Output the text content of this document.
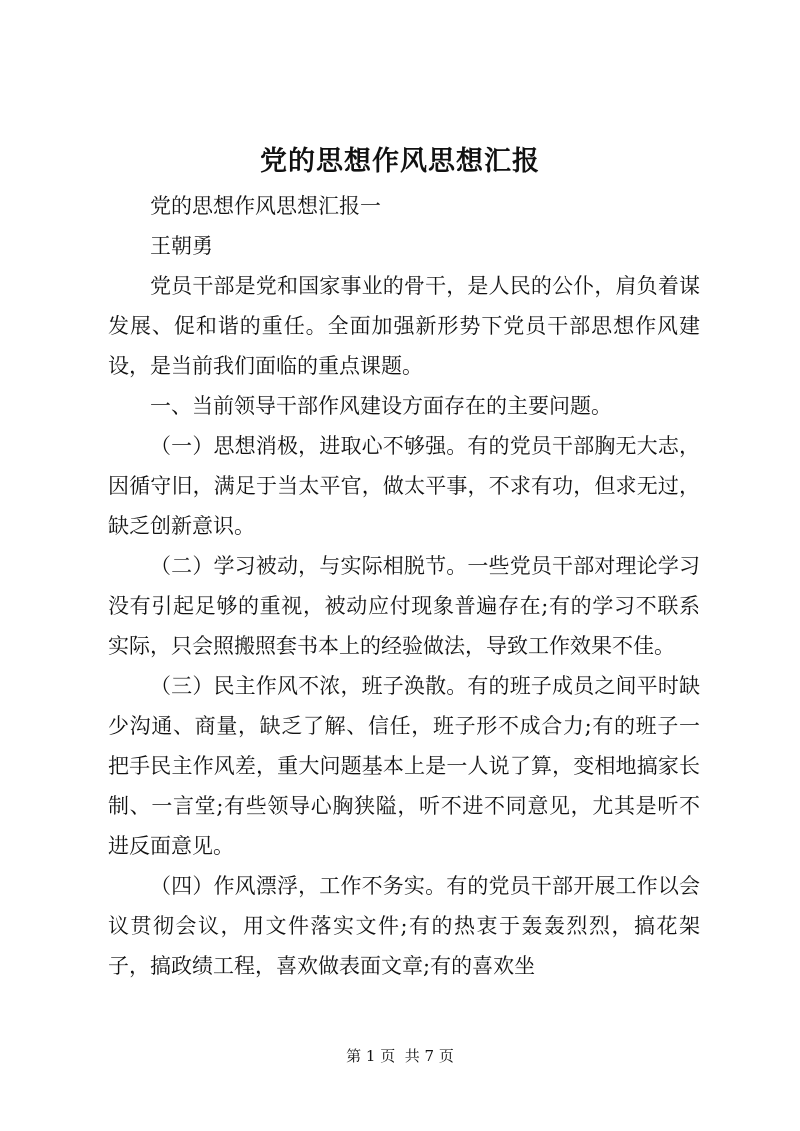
党的思想作风思想汇报

党的思想作风思想汇报一

王朝勇

党员干部是党和国家事业的骨干，是人民的公仆，肩负着谋发展、促和谐的重任。全面加强新形势下党员干部思想作风建设，是当前我们面临的重点课题。

一、当前领导干部作风建设方面存在的主要问题。

（一）思想消极，进取心不够强。有的党员干部胸无大志，因循守旧，满足于当太平官，做太平事，不求有功，但求无过，缺乏创新意识。

（二）学习被动，与实际相脱节。一些党员干部对理论学习没有引起足够的重视，被动应付现象普遍存在;有的学习不联系实际，只会照搬照套书本上的经验做法，导致工作效果不佳。

（三）民主作风不浓，班子涣散。有的班子成员之间平时缺少沟通、商量，缺乏了解、信任，班子形不成合力;有的班子一把手民主作风差，重大问题基本上是一人说了算，变相地搞家长制、一言堂;有些领导心胸狭隘，听不进不同意见，尤其是听不进反面意见。

（四）作风漂浮，工作不务实。有的党员干部开展工作以会议贯彻会议，用文件落实文件;有的热衷于轰轰烈烈，搞花架子，搞政绩工程，喜欢做表面文章;有的喜欢坐

第 1 页  共 7 页
